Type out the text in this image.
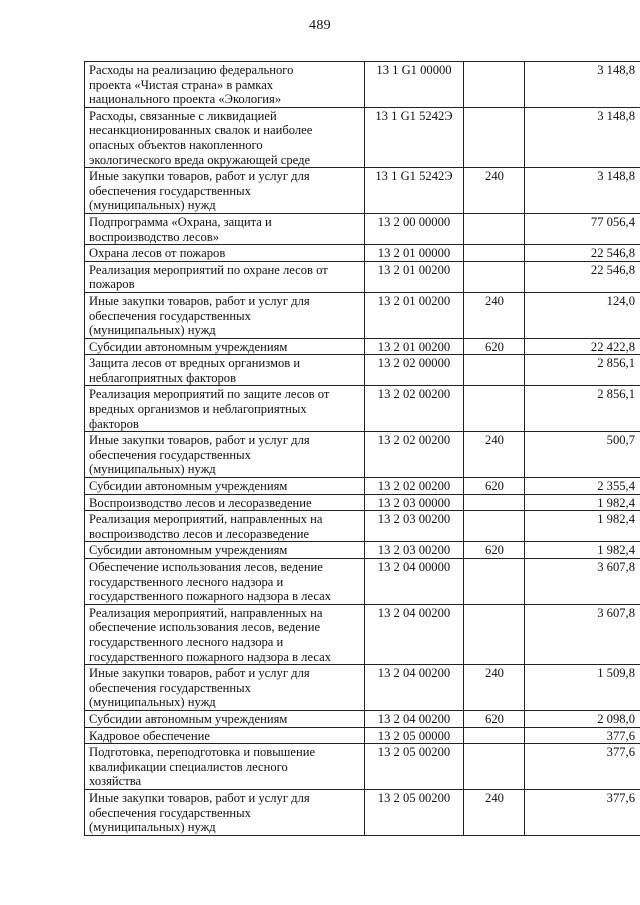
489
Расходы на реализацию федерального
проекта «Чистая страна» в рамках
национального проекта «Экология»	13 1 G1 00000		3 148,8

Расходы, связанные с ликвидацией
несанкционированных свалок и наиболее
опасных объектов накопленного
экологического вреда окружающей среде	13 1 G1 5242Э		3 148,8

Иные закупки товаров, работ и услуг для
обеспечения государственных
(муниципальных) нужд	13 1 G1 5242Э	240	3 148,8

Подпрограмма «Охрана, защита и
воспроизводство лесов»	13 2 00 00000		77 056,4

Охрана лесов от пожаров	13 2 01 00000		22 546,8

Реализация мероприятий по охране лесов от
пожаров	13 2 01 00200		22 546,8

Иные закупки товаров, работ и услуг для
обеспечения государственных
(муниципальных) нужд	13 2 01 00200	240	124,0

Субсидии автономным учреждениям	13 2 01 00200	620	22 422,8

Защита лесов от вредных организмов и
неблагоприятных факторов	13 2 02 00000		2 856,1

Реализация мероприятий по защите лесов от
вредных организмов и неблагоприятных
факторов	13 2 02 00200		2 856,1

Иные закупки товаров, работ и услуг для
обеспечения государственных
(муниципальных) нужд	13 2 02 00200	240	500,7

Субсидии автономным учреждениям	13 2 02 00200	620	2 355,4

Воспроизводство лесов и лесоразведение	13 2 03 00000		1 982,4

Реализация мероприятий, направленных на
воспроизводство лесов и лесоразведение	13 2 03 00200		1 982,4

Субсидии автономным учреждениям	13 2 03 00200	620	1 982,4

Обеспечение использования лесов, ведение
государственного лесного надзора и
государственного пожарного надзора в лесах	13 2 04 00000		3 607,8

Реализация мероприятий, направленных на
обеспечение использования лесов, ведение
государственного лесного надзора и
государственного пожарного надзора в лесах	13 2 04 00200		3 607,8

Иные закупки товаров, работ и услуг для
обеспечения государственных
(муниципальных) нужд	13 2 04 00200	240	1 509,8

Субсидии автономным учреждениям	13 2 04 00200	620	2 098,0

Кадровое обеспечение	13 2 05 00000		377,6

Подготовка, переподготовка и повышение
квалификации специалистов лесного
хозяйства	13 2 05 00200		377,6

Иные закупки товаров, работ и услуг для
обеспечения государственных
(муниципальных) нужд	13 2 05 00200	240	377,6
